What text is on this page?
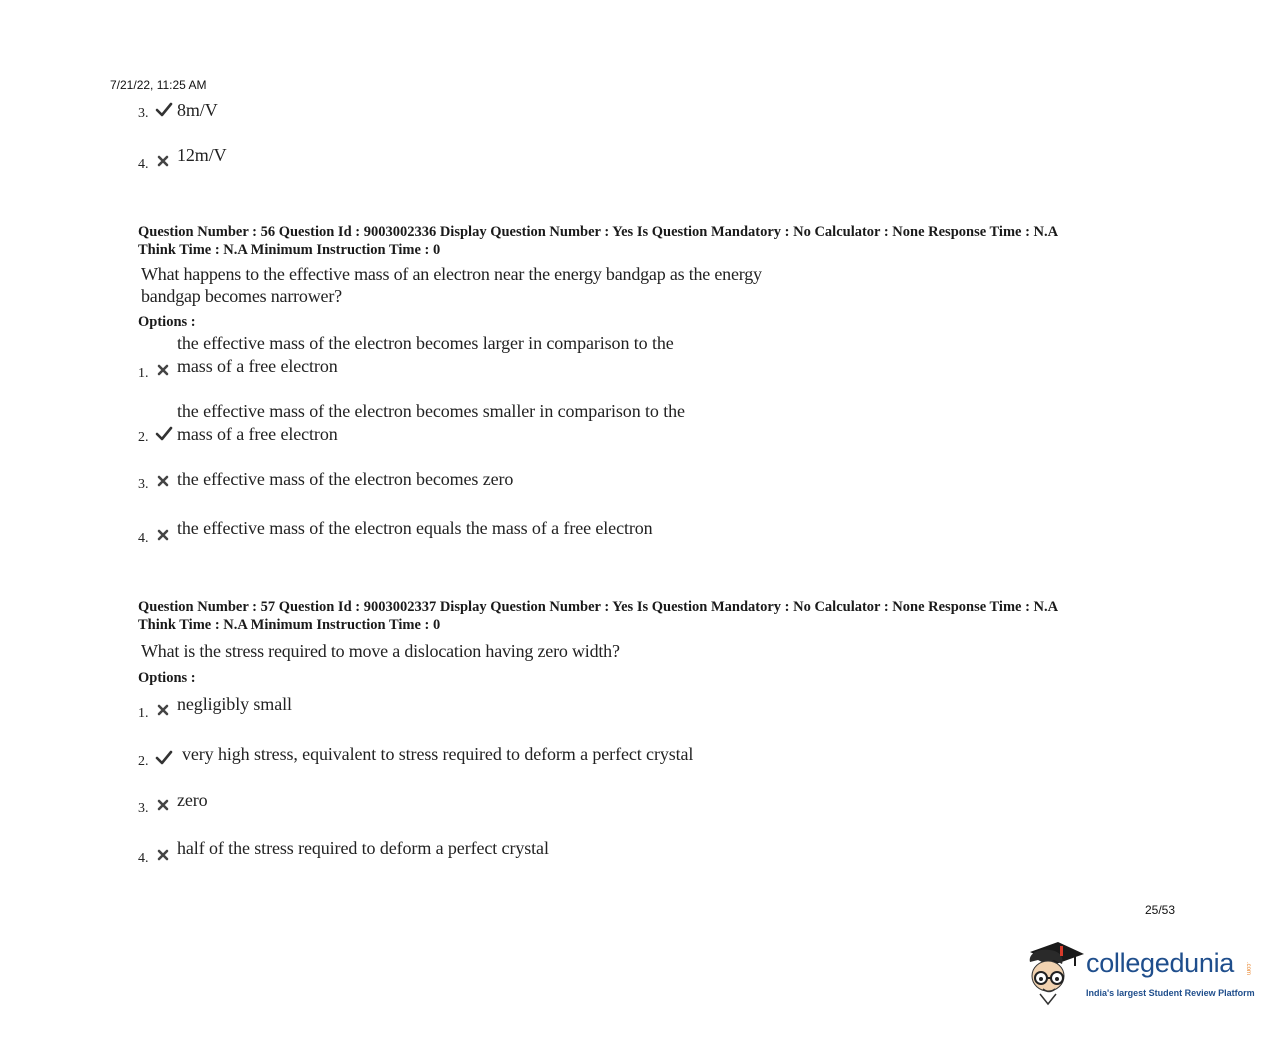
7/21/22, 11:25 AM
3. 8m/V
4. 12m/V
Question Number : 56 Question Id : 9003002336 Display Question Number : Yes Is Question Mandatory : No Calculator : None Response Time : N.A
Think Time : N.A Minimum Instruction Time : 0
What happens to the effective mass of an electron near the energy bandgap as the energy
bandgap becomes narrower?
Options :
the effective mass of the electron becomes larger in comparison to the
1. mass of a free electron
the effective mass of the electron becomes smaller in comparison to the
2. mass of a free electron
3. the effective mass of the electron becomes zero
4.
the effective mass of the electron equals the mass of a free electron
Question Number : 57 Question Id : 9003002337 Display Question Number : Yes Is Question Mandatory : No Calculator : None Response Time : N.A
Think Time : N.A Minimum Instruction Time : 0
What is the stress required to move a dislocation having zero width?
Options :
1. negligibly small
2. very high stress, equivalent to stress required to deform a perfect crystal
3. zero
4.
half of the stress required to deform a perfect crystal
25/53
collegedunia .com
India's largest Student Review Platform
